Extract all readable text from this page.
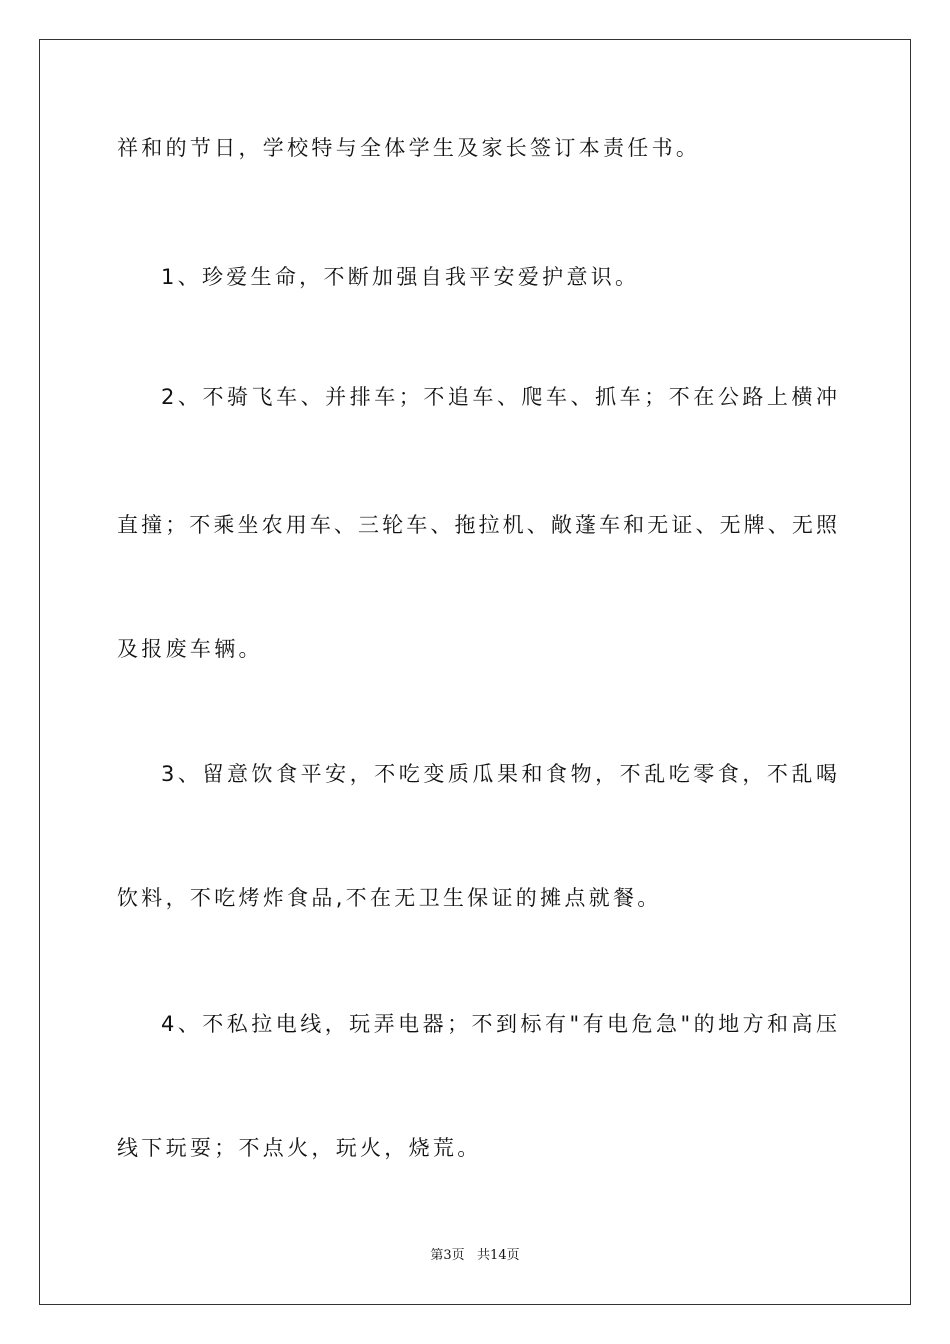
祥和的节日，学校特与全体学生及家长签订本责任书。
1、珍爱生命，不断加强自我平安爱护意识。
2、不骑飞车、并排车；不追车、爬车、抓车；不在公路上横冲
直撞；不乘坐农用车、三轮车、拖拉机、敞蓬车和无证、无牌、无照
及报废车辆。
3、留意饮食平安，不吃变质瓜果和食物，不乱吃零食，不乱喝
饮料，不吃烤炸食品,不在无卫生保证的摊点就餐。
4、不私拉电线，玩弄电器；不到标有"有电危急"的地方和高压
线下玩耍；不点火，玩火，烧荒。
第3页   共14页
